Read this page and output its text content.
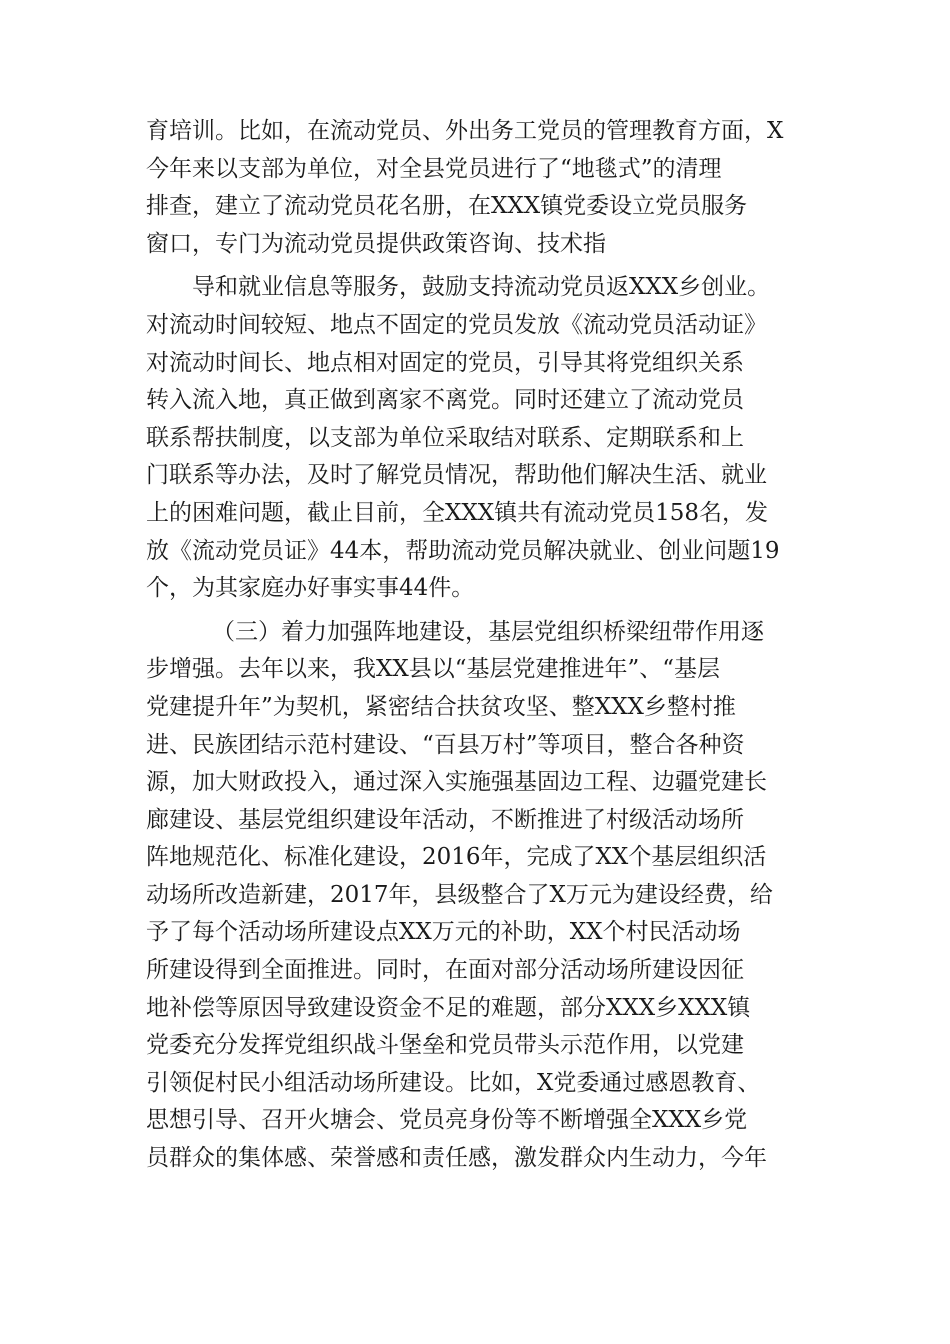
育培训。比如，在流动党员、外出务工党员的管理教育方面，X
今年来以支部为单位，对全县党员进行了“地毯式”的清理
排查，建立了流动党员花名册，在XXX镇党委设立党员服务
窗口，专门为流动党员提供政策咨询、技术指
导和就业信息等服务，鼓励支持流动党员返XXX乡创业。
对流动时间较短、地点不固定的党员发放《流动党员活动证》
对流动时间长、地点相对固定的党员，引导其将党组织关系
转入流入地，真正做到离家不离党。同时还建立了流动党员
联系帮扶制度，以支部为单位采取结对联系、定期联系和上
门联系等办法，及时了解党员情况，帮助他们解决生活、就业
上的困难问题，截止目前，全XXX镇共有流动党员158名，发
放《流动党员证》44本，帮助流动党员解决就业、创业问题19
个，为其家庭办好事实事44件。
（三）着力加强阵地建设，基层党组织桥梁纽带作用逐
步增强。去年以来，我XX县以“基层党建推进年”、“基层
党建提升年”为契机，紧密结合扶贫攻坚、整XXX乡整村推
进、民族团结示范村建设、“百县万村”等项目，整合各种资
源，加大财政投入，通过深入实施强基固边工程、边疆党建长
廊建设、基层党组织建设年活动，不断推进了村级活动场所
阵地规范化、标准化建设，2016年，完成了XX个基层组织活
动场所改造新建，2017年，县级整合了X万元为建设经费，给
予了每个活动场所建设点XX万元的补助，XX个村民活动场
所建设得到全面推进。同时，在面对部分活动场所建设因征
地补偿等原因导致建设资金不足的难题，部分XXX乡XXX镇
党委充分发挥党组织战斗堡垒和党员带头示范作用，以党建
引领促村民小组活动场所建设。比如，X党委通过感恩教育、
思想引导、召开火塘会、党员亮身份等不断增强全XXX乡党
员群众的集体感、荣誉感和责任感，激发群众内生动力，今年
